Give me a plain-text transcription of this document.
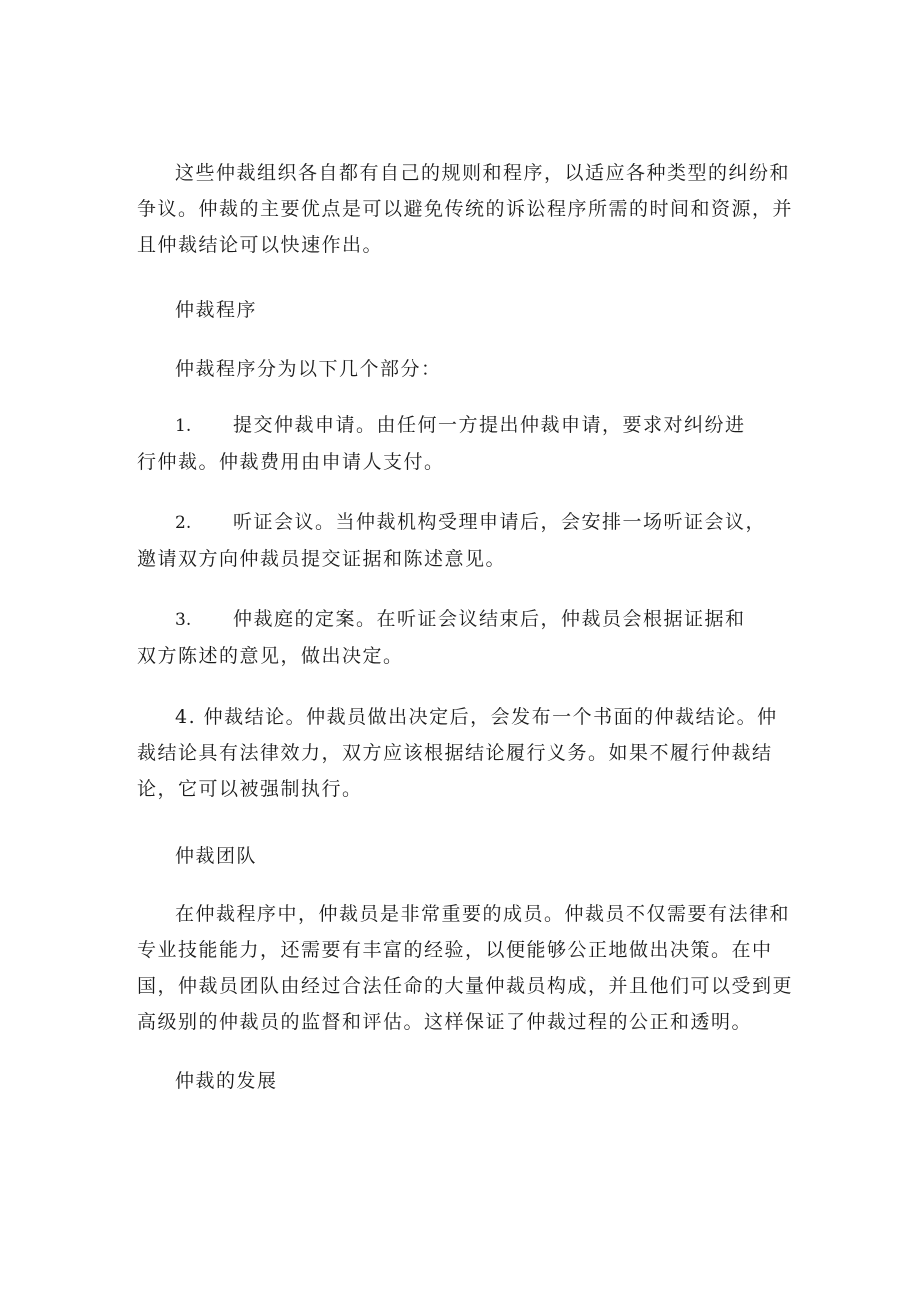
这些仲裁组织各自都有自己的规则和程序，以适应各种类型的纠纷和争议。仲裁的主要优点是可以避免传统的诉讼程序所需的时间和资源，并且仲裁结论可以快速作出。

仲裁程序

仲裁程序分为以下几个部分：

1.	提交仲裁申请。由任何一方提出仲裁申请，要求对纠纷进
行仲裁。仲裁费用由申请人支付。
2.	听证会议。当仲裁机构受理申请后，会安排一场听证会议，
邀请双方向仲裁员提交证据和陈述意见。
3.	仲裁庭的定案。在听证会议结束后，仲裁员会根据证据和
双方陈述的意见，做出决定。

4. 仲裁结论。仲裁员做出决定后，会发布一个书面的仲裁结论。仲裁结论具有法律效力，双方应该根据结论履行义务。如果不履行仲裁结论，它可以被强制执行。

仲裁团队

在仲裁程序中，仲裁员是非常重要的成员。仲裁员不仅需要有法律和专业技能能力，还需要有丰富的经验，以便能够公正地做出决策。在中国，仲裁员团队由经过合法任命的大量仲裁员构成，并且他们可以受到更高级别的仲裁员的监督和评估。这样保证了仲裁过程的公正和透明。

仲裁的发展
